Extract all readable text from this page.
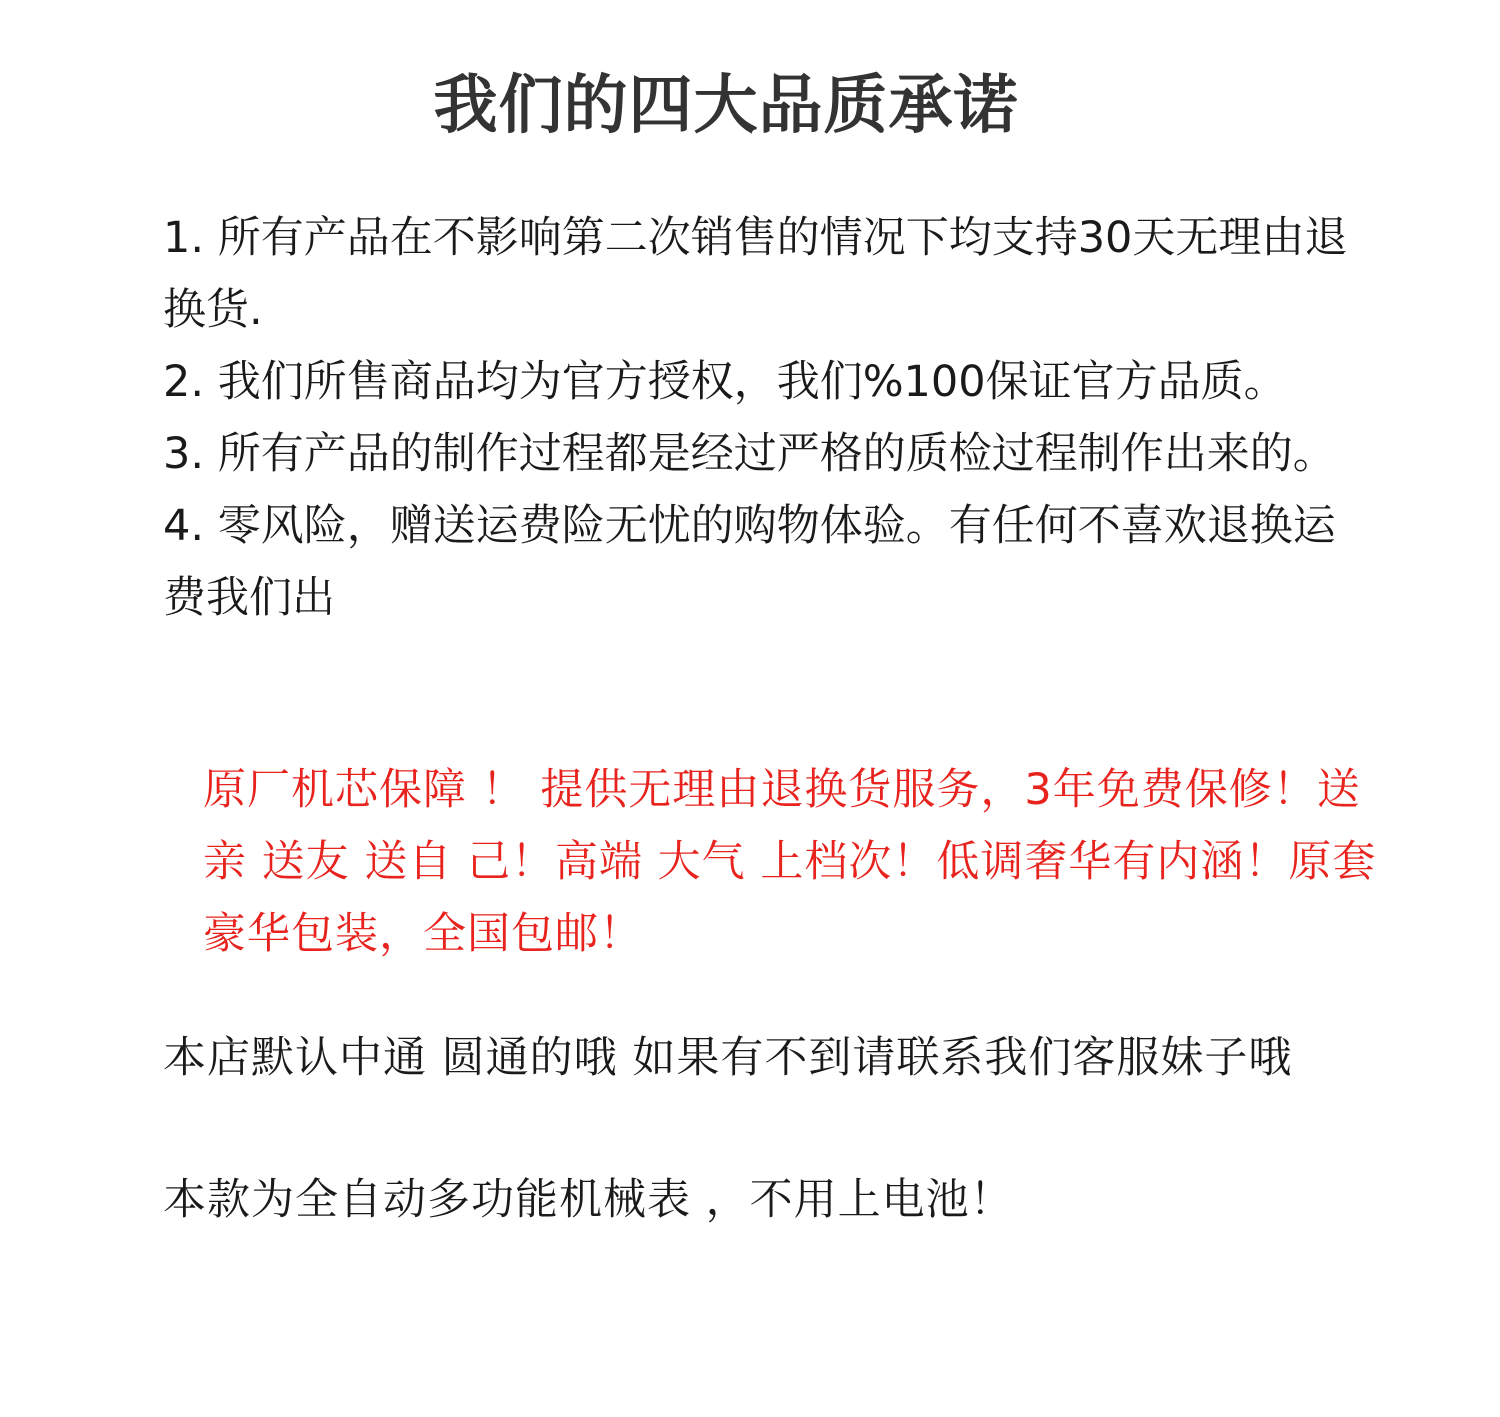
我们的四大品质承诺

1. 所有产品在不影响第二次销售的情况下均支持30天无理由退换货.

2. 我们所售商品均为官方授权，我们%100保证官方品质。

3. 所有产品的制作过程都是经过严格的质检过程制作出来的。

4. 零风险，赠送运费险无忧的购物体验。有任何不喜欢退换运费我们出

原厂机芯保障 ！ 提供无理由退换货服务，3年免费保修！送亲 送友 送自 己！高端 大气 上档次！低调奢华有内涵！原套豪华包装，全国包邮！
本店默认中通 圆通的哦 如果有不到请联系我们客服妹子哦
本款为全自动多功能机械表 ，不用上电池！
